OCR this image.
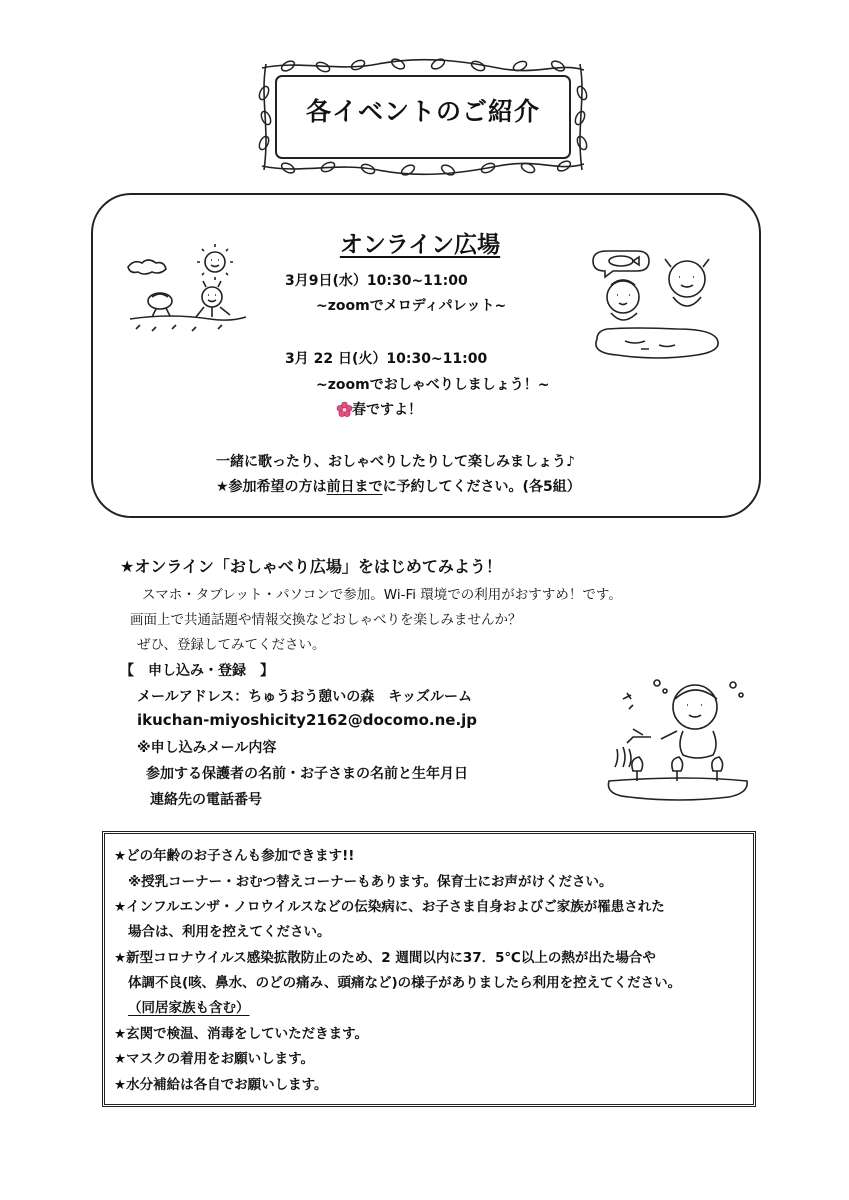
各イベントのご紹介
オンライン広場
3月9日(水）10:30~11:00
~zoomでメロディパレット~
3月 22 日(火）10:30~11:00
~zoomでおしゃべりしましょう！~
春ですよ！
一緒に歌ったり、おしゃべりしたりして楽しみましょう♪
★参加希望の方は前日までに予約してください。(各5組）
★オンライン「おしゃべり広場」をはじめてみよう！
スマホ・タブレット・パソコンで参加。Wi-Fi 環境での利用がおすすめ！です。
画面上で共通話題や情報交換などおしゃべりを楽しみませんか？
ぜひ、登録してみてください。
【　申し込み・登録　】
メールアドレス：ちゅうおう憩いの森　キッズルーム
ikuchan-miyoshicity2162@docomo.ne.jp
※申し込みメール内容
参加する保護者の名前・お子さまの名前と生年月日
連絡先の電話番号
★どの年齢のお子さんも参加できます!!
※授乳コーナー・おむつ替えコーナーもあります。保育士にお声がけください。
★インフルエンザ・ノロウイルスなどの伝染病に、お子さま自身およびご家族が罹患された
場合は、利用を控えてください。
★新型コロナウイルス感染拡散防止のため、2 週間以内に37．5℃以上の熱が出た場合や
体調不良(咳、鼻水、のどの痛み、頭痛など)の様子がありましたら利用を控えてください。
（同居家族も含む）
★玄関で検温、消毒をしていただきます。
★マスクの着用をお願いします。
★水分補給は各自でお願いします。
